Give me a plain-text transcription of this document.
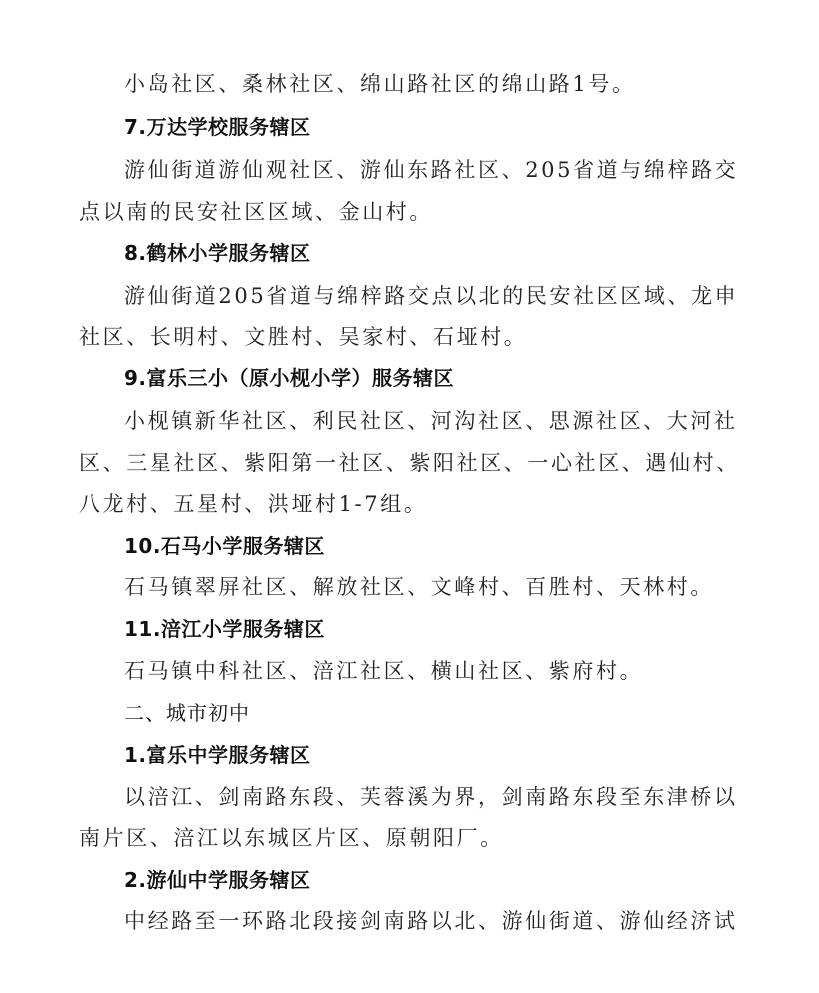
小岛社区、桑林社区、绵山路社区的绵山路1号。
7.万达学校服务辖区
游仙街道游仙观社区、游仙东路社区、205省道与绵梓路交
点以南的民安社区区域、金山村。
8.鹤林小学服务辖区
游仙街道205省道与绵梓路交点以北的民安社区区域、龙申
社区、长明村、文胜村、吴家村、石垭村。
9.富乐三小（原小枧小学）服务辖区
小枧镇新华社区、利民社区、河沟社区、思源社区、大河社
区、三星社区、紫阳第一社区、紫阳社区、一心社区、遇仙村、
八龙村、五星村、洪垭村1-7组。
10.石马小学服务辖区
石马镇翠屏社区、解放社区、文峰村、百胜村、天林村。
11.涪江小学服务辖区
石马镇中科社区、涪江社区、横山社区、紫府村。
二、城市初中
1.富乐中学服务辖区
以涪江、剑南路东段、芙蓉溪为界，剑南路东段至东津桥以
南片区、涪江以东城区片区、原朝阳厂。
2.游仙中学服务辖区
中经路至一环路北段接剑南路以北、游仙街道、游仙经济试
